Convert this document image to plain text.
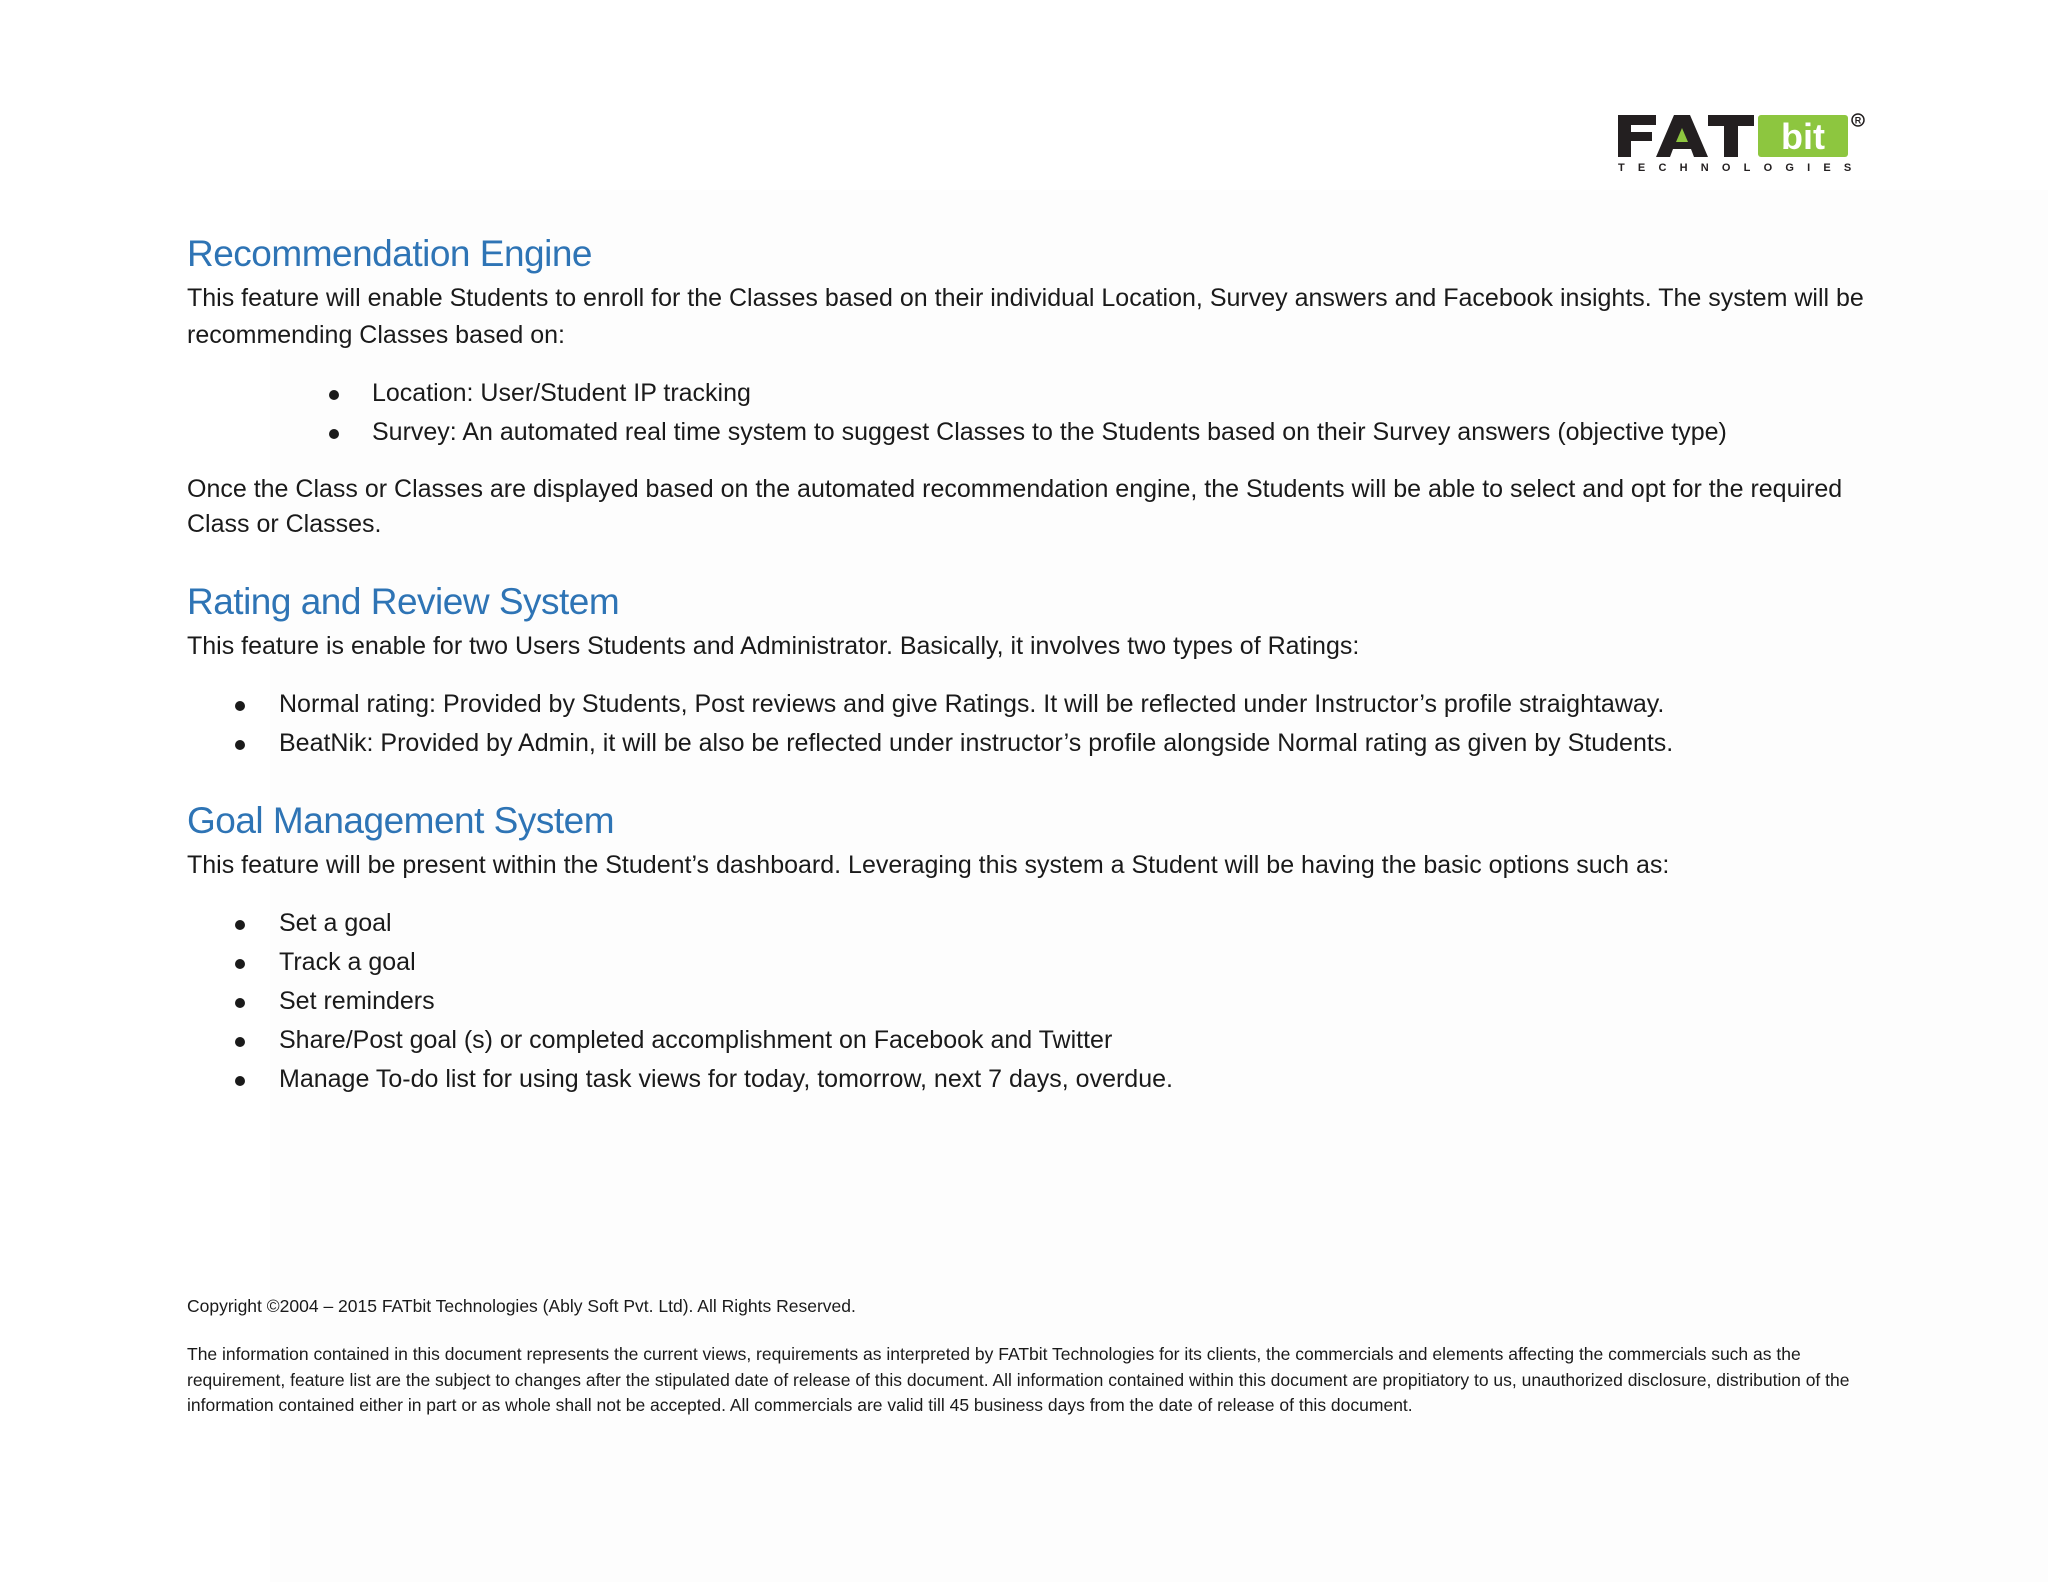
bit	R
TECHNOLOGIES
Recommendation Engine

This feature will enable Students to enroll for the Classes based on their individual Location, Survey answers and Facebook insights. The system will be recommending Classes based on:

Location: User/Student IP tracking
Survey: An automated real time system to suggest Classes to the Students based on their Survey answers (objective type)

Once the Class or Classes are displayed based on the automated recommendation engine, the Students will be able to select and opt for the required Class or Classes.

Rating and Review System

This feature is enable for two Users Students and Administrator. Basically, it involves two types of Ratings:

Normal rating: Provided by Students, Post reviews and give Ratings. It will be reflected under Instructor’s profile straightaway.
BeatNik: Provided by Admin, it will be also be reflected under instructor’s profile alongside Normal rating as given by Students.
Goal Management System

This feature will be present within the Student’s dashboard. Leveraging this system a Student will be having the basic options such as:

Set a goal
Track a goal
Set reminders
Share/Post goal (s) or completed accomplishment on Facebook and Twitter
Manage To-do list for using task views for today, tomorrow, next 7 days, overdue.
Copyright ©2004 – 2015 FATbit Technologies (Ably Soft Pvt. Ltd). All Rights Reserved.
The information contained in this document represents the current views, requirements as interpreted by FATbit Technologies for its clients, the commercials and elements affecting the commercials such as the requirement, feature list are the subject to changes after the stipulated date of release of this document. All information contained within this document are propitiatory to us, unauthorized disclosure, distribution of the information contained either in part or as whole shall not be accepted. All commercials are valid till 45 business days from the date of release of this document.
